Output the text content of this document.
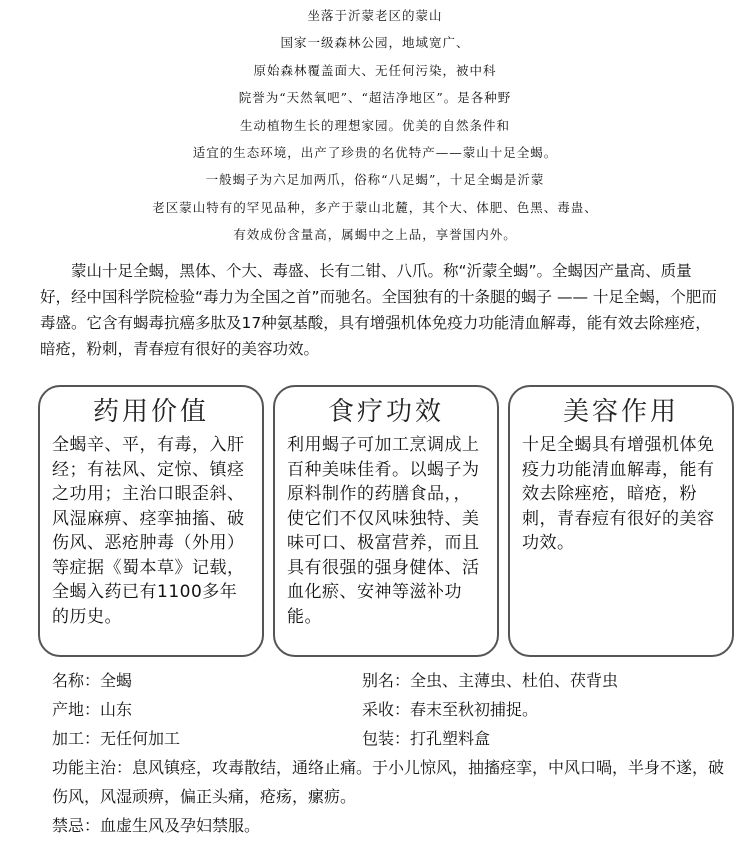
坐落于沂蒙老区的蒙山
国家一级森林公园，地域宽广、
原始森林覆盖面大、无任何污染，被中科
院誉为“天然氧吧”、“超洁净地区”。是各种野
生动植物生长的理想家园。优美的自然条件和
适宜的生态环境，出产了珍贵的名优特产——蒙山十足全蝎。
一般蝎子为六足加两爪，俗称“八足蝎”，十足全蝎是沂蒙
老区蒙山特有的罕见品种，多产于蒙山北麓，其个大、体肥、色黑、毒蛊、
有效成份含量高，属蝎中之上品，享誉国内外。
蒙山十足全蝎，黑体、个大、毒盛、长有二钳、八爪。称“沂蒙全蝎”。全蝎因产量高、质量好，经中国科学院检验“毒力为全国之首”而驰名。全国独有的十条腿的蝎子 —— 十足全蝎，个肥而毒盛。它含有蝎毒抗癌多肽及17种氨基酸，具有增强机体免疫力功能清血解毒，能有效去除痤疮，暗疮，粉刺，青春痘有很好的美容功效。
药用价值
全蝎辛、平，有毒，入肝经；有祛风、定惊、镇痉之功用；主治口眼歪斜、风湿麻痹、痉挛抽搐、破伤风、恶疮肿毒（外用）等症据《蜀本草》记载，全蝎入药已有1100多年的历史。
食疗功效
利用蝎子可加工烹调成上百种美味佳肴。以蝎子为原料制作的药膳食品，，使它们不仅风味独特、美味可口、极富营养，而且具有很强的强身健体、活血化瘀、安神等滋补功能。
美容作用
十足全蝎具有增强机体免疫力功能清血解毒，能有效去除痤疮，暗疮，粉刺，青春痘有很好的美容功效。
名称：全蝎	别名：全虫、主薄虫、杜伯、茯背虫
产地：山东	采收：春末至秋初捕捉。
加工：无任何加工	包装：打孔塑料盒
功能主治：息风镇痉，攻毒散结，通络止痛。于小儿惊风，抽搐痉挛，中风口喎，半身不遂，破伤风，风湿顽痹，偏正头痛，疮疡，瘰疬。
禁忌：血虚生风及孕妇禁服。
